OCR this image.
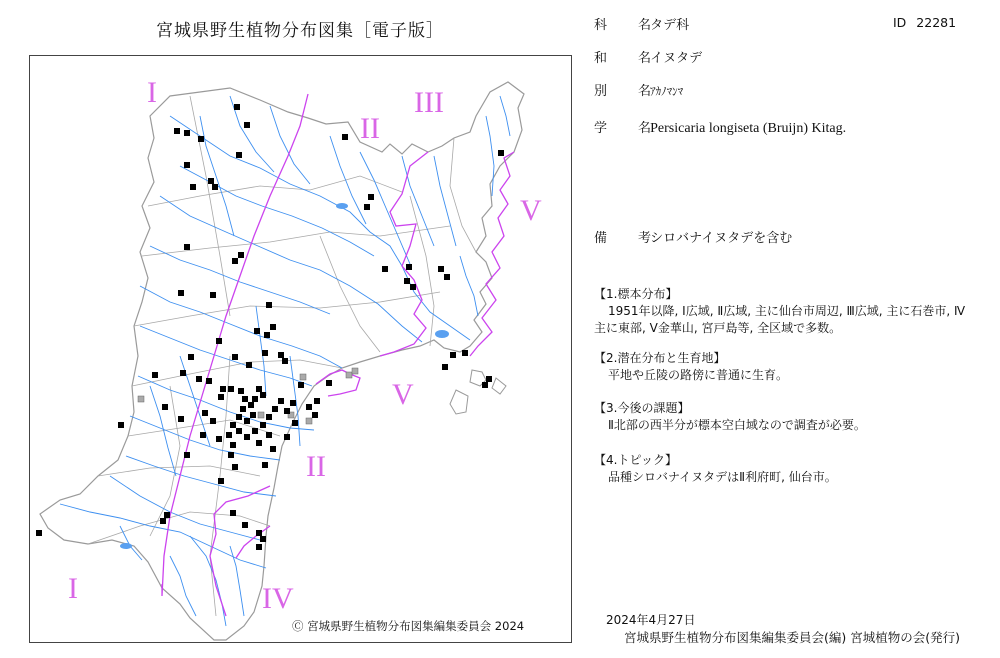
宮城県野生植物分布図集［電子版］
I
II
III
II
V
V
I	IV
Ⓒ 宮城県野生植物分布図集編集委員会 2024
科　名 タデ科	ID 22281
和　名 イヌタデ
別　名 ｱｶﾉﾏﾝﾏ
学　名 Persicaria longiseta (Bruijn) Kitag.
備　考 シロバナイヌタデを含む
【1.標本分布】
1951年以降, Ⅰ広域, Ⅱ広域, 主に仙台市周辺, Ⅲ広域, 主に石巻市, Ⅳ主に東部, Ⅴ金華山, 宮戸島等, 全区域で多数。
【2.潜在分布と生育地】
平地や丘陵の路傍に普通に生育。
【3.今後の課題】
Ⅱ北部の西半分が標本空白域なので調査が必要。
【4.トピック】
品種シロバナイヌタデはⅡ利府町, 仙台市。
2024年4月27日
宮城県野生植物分布図集編集委員会(編) 宮城植物の会(発行)
